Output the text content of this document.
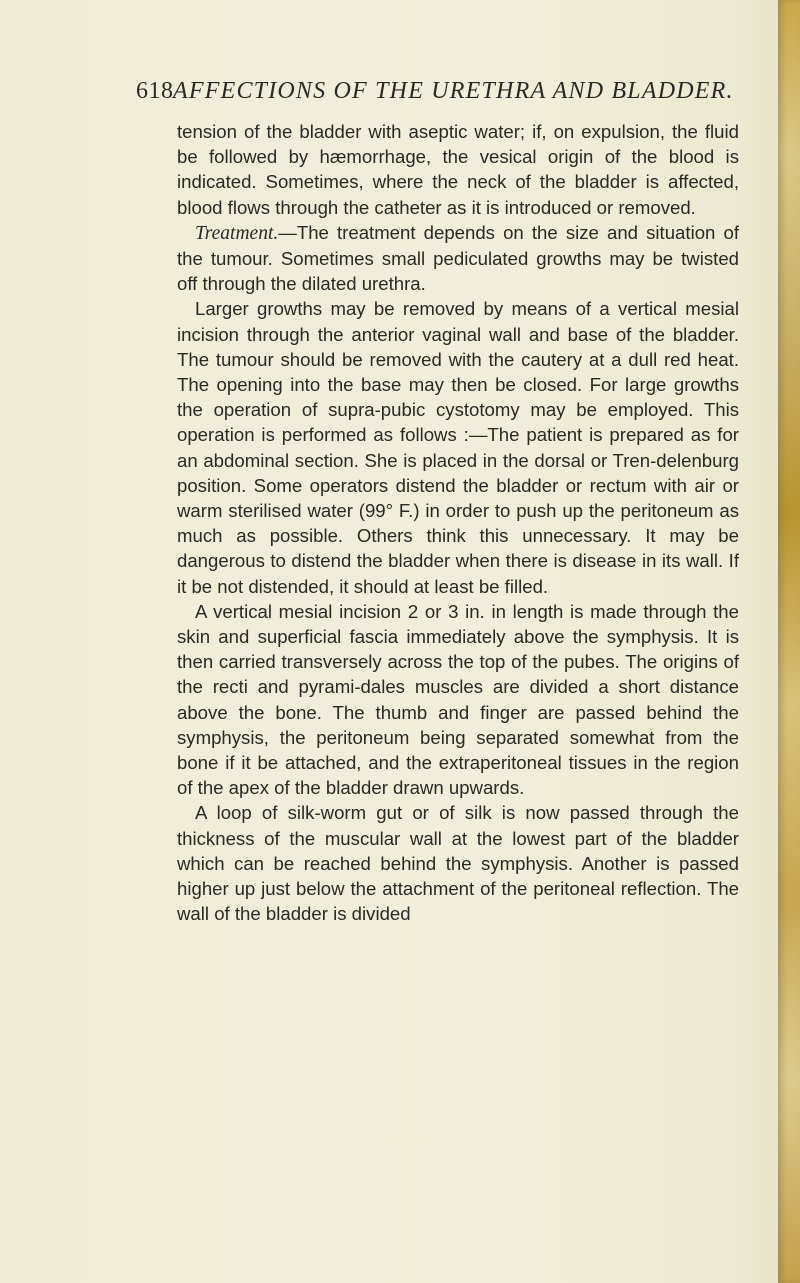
618 AFFECTIONS OF THE URETHRA AND BLADDER.

tension of the bladder with aseptic water; if, on expulsion, the fluid be followed by hæmorrhage, the vesical origin of the blood is indicated. Sometimes, where the neck of the bladder is affected, blood flows through the catheter as it is introduced or removed.

Treatment.—The treatment depends on the size and situation of the tumour. Sometimes small pediculated growths may be twisted off through the dilated urethra.

Larger growths may be removed by means of a vertical mesial incision through the anterior vaginal wall and base of the bladder. The tumour should be removed with the cautery at a dull red heat. The opening into the base may then be closed. For large growths the operation of supra-pubic cystotomy may be employed. This operation is performed as follows :—The patient is prepared as for an abdominal section. She is placed in the dorsal or Tren-delenburg position. Some operators distend the bladder or rectum with air or warm sterilised water (99° F.) in order to push up the peritoneum as much as possible. Others think this unnecessary. It may be dangerous to distend the bladder when there is disease in its wall. If it be not distended, it should at least be filled.

A vertical mesial incision 2 or 3 in. in length is made through the skin and superficial fascia immediately above the symphysis. It is then carried transversely across the top of the pubes. The origins of the recti and pyrami-dales muscles are divided a short distance above the bone. The thumb and finger are passed behind the symphysis, the peritoneum being separated somewhat from the bone if it be attached, and the extraperitoneal tissues in the region of the apex of the bladder drawn upwards.

A loop of silk-worm gut or of silk is now passed through the thickness of the muscular wall at the lowest part of the bladder which can be reached behind the symphysis. Another is passed higher up just below the attachment of the peritoneal reflection. The wall of the bladder is divided
